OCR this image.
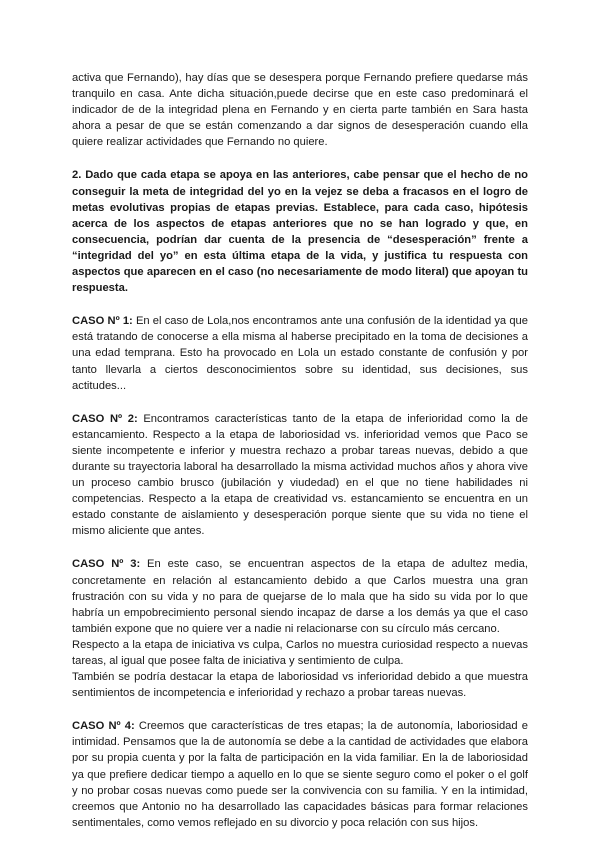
activa que Fernando), hay días que se desespera porque Fernando prefiere quedarse más tranquilo en casa. Ante dicha situación,puede decirse que en este caso predominará el indicador de de la integridad plena en Fernando y en cierta parte también en Sara hasta ahora a pesar de que se están comenzando a dar signos de desesperación cuando ella quiere realizar actividades que Fernando no quiere.

2. Dado que cada etapa se apoya en las anteriores, cabe pensar que el hecho de no conseguir la meta de integridad del yo en la vejez se deba a fracasos en el logro de metas evolutivas propias de etapas previas. Establece, para cada caso, hipótesis acerca de los aspectos de etapas anteriores que no se han logrado y que, en consecuencia, podrían dar cuenta de la presencia de “desesperación” frente a “integridad del yo” en esta última etapa de la vida, y justifica tu respuesta con aspectos que aparecen en el caso (no necesariamente de modo literal) que apoyan tu respuesta.

CASO Nº 1: En el caso de Lola,nos encontramos ante una confusión de la identidad ya que está tratando de conocerse a ella misma al haberse precipitado en la toma de decisiones a una edad temprana. Esto ha provocado en Lola un estado constante de confusión y por tanto llevarla a ciertos desconocimientos sobre su identidad, sus decisiones, sus actitudes...

CASO Nº 2: Encontramos características tanto de la etapa de inferioridad como la de estancamiento. Respecto a la etapa de laboriosidad vs. inferioridad vemos que Paco se siente incompetente e inferior y muestra rechazo a probar tareas nuevas, debido a que durante su trayectoria laboral ha desarrollado la misma actividad muchos años y ahora vive un proceso cambio brusco (jubilación y viudedad) en el que no tiene habilidades ni competencias. Respecto a la etapa de creatividad vs. estancamiento se encuentra en un estado constante de aislamiento y desesperación porque siente que su vida no tiene el mismo aliciente que antes.

CASO Nº 3: En este caso, se encuentran aspectos de la etapa de adultez media, concretamente en relación al estancamiento debido a que Carlos muestra una gran frustración con su vida y no para de quejarse de lo mala que ha sido su vida por lo que habría un empobrecimiento personal siendo incapaz de darse a los demás ya que el caso también expone que no quiere ver a nadie ni relacionarse con su círculo más cercano.

Respecto a la etapa de iniciativa vs culpa, Carlos no muestra curiosidad respecto a nuevas tareas, al igual que posee falta de iniciativa y sentimiento de culpa.

También se podría destacar la etapa de laboriosidad vs inferioridad debido a que muestra sentimientos de incompetencia e inferioridad y rechazo a probar tareas nuevas.

CASO Nº 4: Creemos que características de tres etapas; la de autonomía, laboriosidad e intimidad. Pensamos que la de autonomía se debe a la cantidad de actividades que elabora por su propia cuenta y por la falta de participación en la vida familiar. En la de laboriosidad ya que prefiere dedicar tiempo a aquello en lo que se siente seguro como el poker o el golf y no probar cosas nuevas como puede ser la convivencia con su familia. Y en la intimidad, creemos que Antonio no ha desarrollado las capacidades básicas para formar relaciones sentimentales, como vemos reflejado en su divorcio y poca relación con sus hijos.
